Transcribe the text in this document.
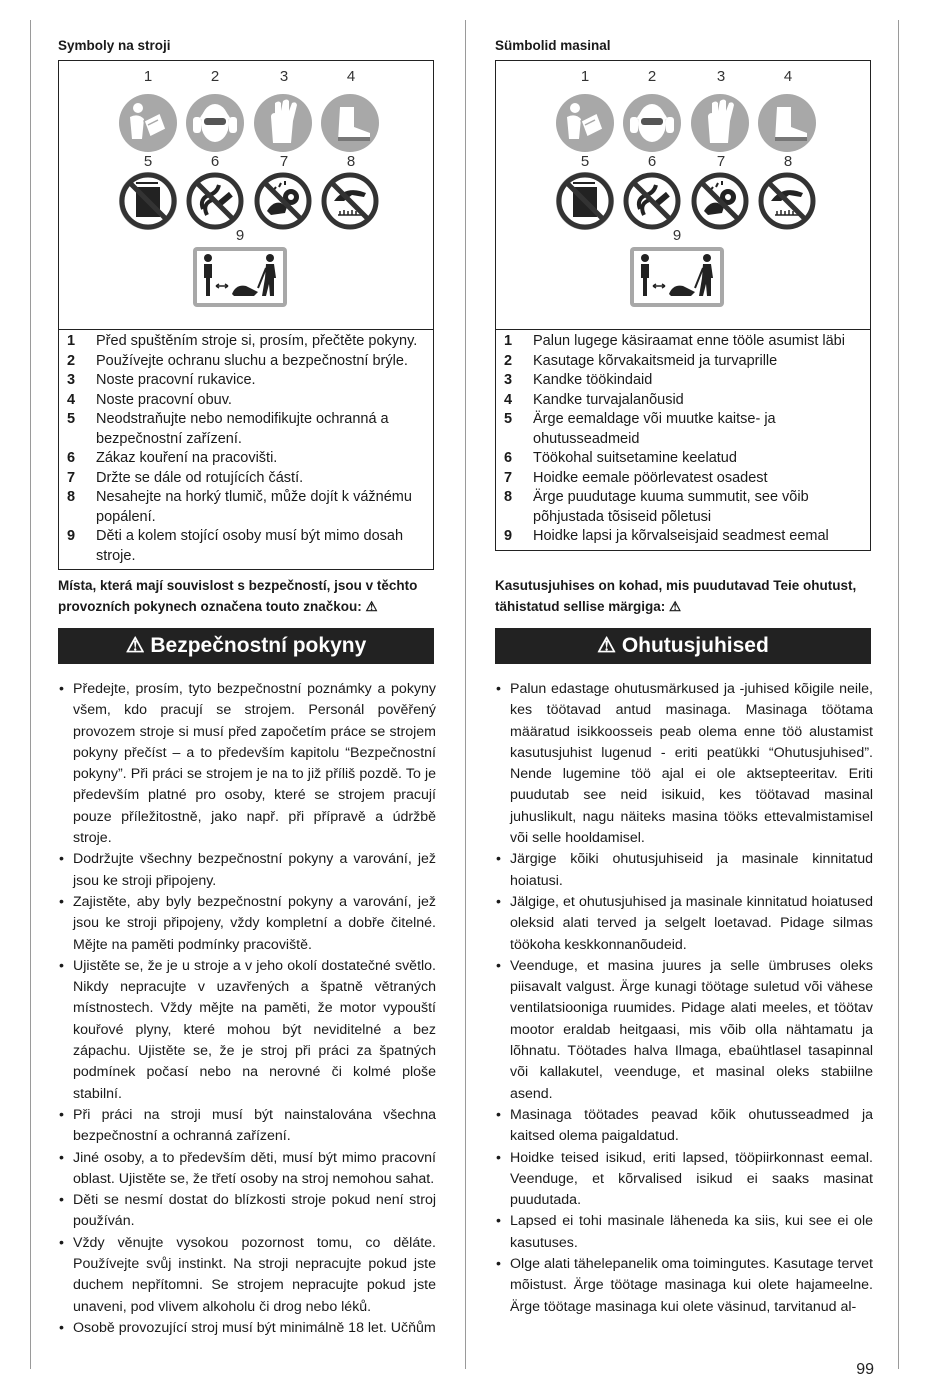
Symboly na stroji
1	2	3	4
5	6	7	8
9
1	Před spuštěním stroje si, prosím, přečtěte pokyny.
2	Používejte ochranu sluchu a bezpečnostní brýle.
3	Noste pracovní rukavice.
4	Noste pracovní obuv.
5	Neodstraňujte nebo nemodifikujte ochranná a bezpečnostní zařízení.
6	Zákaz kouření na pracovišti.
7	Držte se dále od rotujících částí.
8	Nesahejte na horký tlumič, může dojít k vážnému popálení.
9	Děti a kolem stojící osoby musí být mimo dosah stroje.
Místa, která mají souvislost s bezpečností, jsou v těchto provozních pokynech označena touto značkou: ⚠
⚠ Bezpečnostní pokyny
• Předejte, prosím, tyto bezpečnostní poznámky a pokyny všem, kdo pracují se strojem. Personál pověřený provozem stroje si musí před započetím práce se strojem pokyny přečíst – a to především kapitolu “Bezpečnostní pokyny”. Při práci se strojem je na to již příliš pozdě. To je především platné pro osoby, které se strojem pracují pouze příležitostně, jako např. při přípravě a údržbě stroje.
• Dodržujte všechny bezpečnostní pokyny a varování, jež jsou ke stroji připojeny.
• Zajistěte, aby byly bezpečnostní pokyny a varování, jež jsou ke stroji připojeny, vždy kompletní a dobře čitelné. Mějte na paměti podmínky pracoviště.
• Ujistěte se, že je u stroje a v jeho okolí dostatečné světlo. Nikdy nepracujte v uzavřených a špatně větraných místnostech. Vždy mějte na paměti, že motor vypouští kouřové plyny, které mohou být neviditelné a bez zápachu. Ujistěte se, že je stroj při práci za špatných podmínek počasí nebo na nerovné či kolmé ploše stabilní.
• Při práci na stroji musí být nainstalována všechna bezpečnostní a ochranná zařízení.
• Jiné osoby, a to především děti, musí být mimo pracovní oblast. Ujistěte se, že třetí osoby na stroj nemohou sahat.
• Děti se nesmí dostat do blízkosti stroje pokud není stroj používán.
• Vždy věnujte vysokou pozornost tomu, co děláte. Používejte svůj instinkt. Na stroji nepracujte pokud jste duchem nepřítomni. Se strojem nepracujte pokud jste unaveni, pod vlivem alkoholu či drog nebo léků.
• Osobě provozující stroj musí být minimálně 18 let. Učňům
Sümbolid masinal
1	2	3	4
5	6	7	8
9
1	Palun lugege käsiraamat enne tööle asumist läbi
2	Kasutage kõrvakaitsmeid ja turvaprille
3	Kandke töökindaid
4	Kandke turvajalanõusid
5	Ärge eemaldage või muutke kaitse- ja ohutusseadmeid
6	Töökohal suitsetamine keelatud
7	Hoidke eemale pöörlevatest osadest
8	Ärge puudutage kuuma summutit, see võib põhjustada tõsiseid põletusi
9	Hoidke lapsi ja kõrvalseisjaid seadmest eemal
Kasutusjuhises on kohad, mis puudutavad Teie ohutust, tähistatud sellise märgiga: ⚠
⚠ Ohutusjuhised
• Palun edastage ohutusmärkused ja -juhised kõigile neile, kes töötavad antud masinaga. Masinaga töötama määratud isikkoosseis peab olema enne töö alustamist kasutusjuhist lugenud - eriti peatükki “Ohutusjuhised”. Nende lugemine töö ajal ei ole aktsepteeritav. Eriti puudutab see neid isikuid, kes töötavad masinal juhuslikult, nagu näiteks masina tööks ettevalmistamisel või selle hooldamisel.
• Järgige kõiki ohutusjuhiseid ja masinale kinnitatud hoiatusi.
• Jälgige, et ohutusjuhised ja masinale kinnitatud hoiatused oleksid alati terved ja selgelt loetavad. Pidage silmas töökoha keskkonnanõudeid.
• Veenduge, et masina juures ja selle ümbruses oleks piisavalt valgust. Ärge kunagi töötage suletud või vähese ventilatsiooniga ruumides. Pidage alati meeles, et töötav mootor eraldab heitgaasi, mis võib olla nähtamatu ja lõhnatu. Töötades halva Ilmaga, ebaühtlasel tasapinnal või kallakutel, veenduge, et masinal oleks stabiilne asend.
• Masinaga töötades peavad kõik ohutusseadmed ja kaitsed olema paigaldatud.
• Hoidke teised isikud, eriti lapsed, tööpiirkonnast eemal. Veenduge, et kõrvalised isikud ei saaks masinat puudutada.
• Lapsed ei tohi masinale läheneda ka siis, kui see ei ole kasutuses.
• Olge alati tähelepanelik oma toimingutes. Kasutage tervet mõistust. Ärge töötage masinaga kui olete hajameelne. Ärge töötage masinaga kui olete väsinud, tarvitanud al-
99
